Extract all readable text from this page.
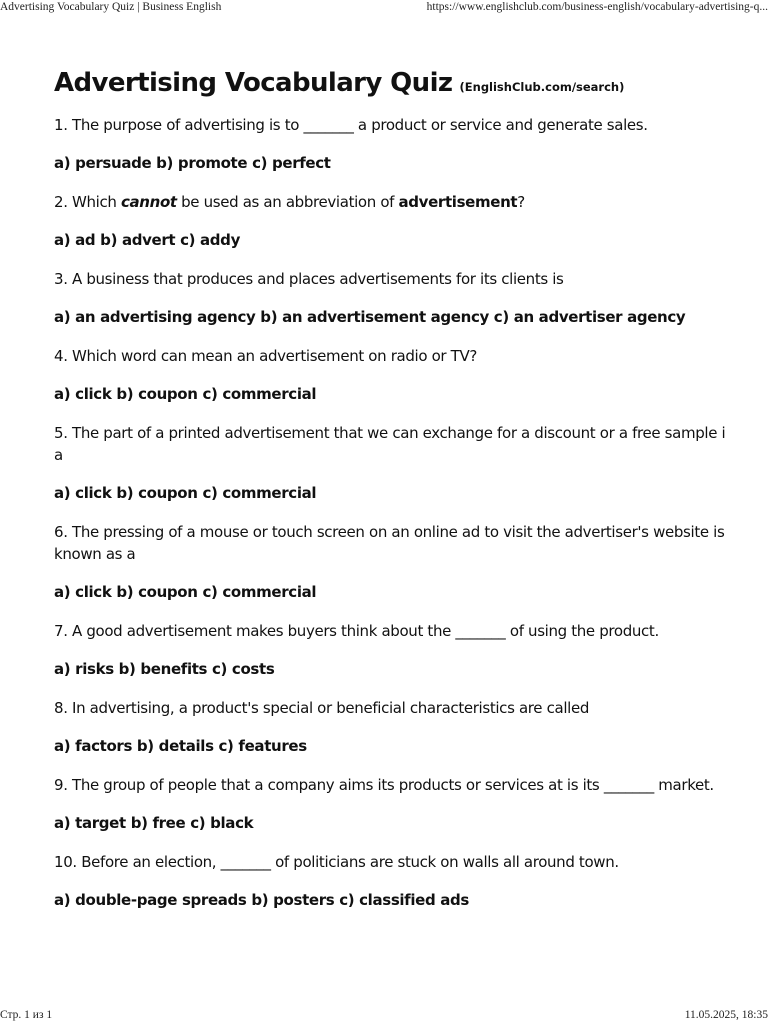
Advertising Vocabulary Quiz | Business English	https://www.englishclub.com/business-english/vocabulary-advertising-q...
Advertising Vocabulary Quiz (EnglishClub.com/search)
1. The purpose of advertising is to _______ a product or service and generate sales.
a) persuade b) promote c) perfect
2. Which cannot be used as an abbreviation of advertisement?
a) ad b) advert c) addy
3. A business that produces and places advertisements for its clients is
a) an advertising agency b) an advertisement agency c) an advertiser agency
4. Which word can mean an advertisement on radio or TV?
a) click b) coupon c) commercial
5. The part of a printed advertisement that we can exchange for a discount or a free sample i a
a) click b) coupon c) commercial
6. The pressing of a mouse or touch screen on an online ad to visit the advertiser's website is known as a
a) click b) coupon c) commercial
7. A good advertisement makes buyers think about the _______ of using the product.
a) risks b) benefits c) costs
8. In advertising, a product's special or beneficial characteristics are called
a) factors b) details c) features
9. The group of people that a company aims its products or services at is its _______ market.
a) target b) free c) black
10. Before an election, _______ of politicians are stuck on walls all around town.
a) double-page spreads b) posters c) classified ads
Стр. 1 из 1	11.05.2025, 18:35
